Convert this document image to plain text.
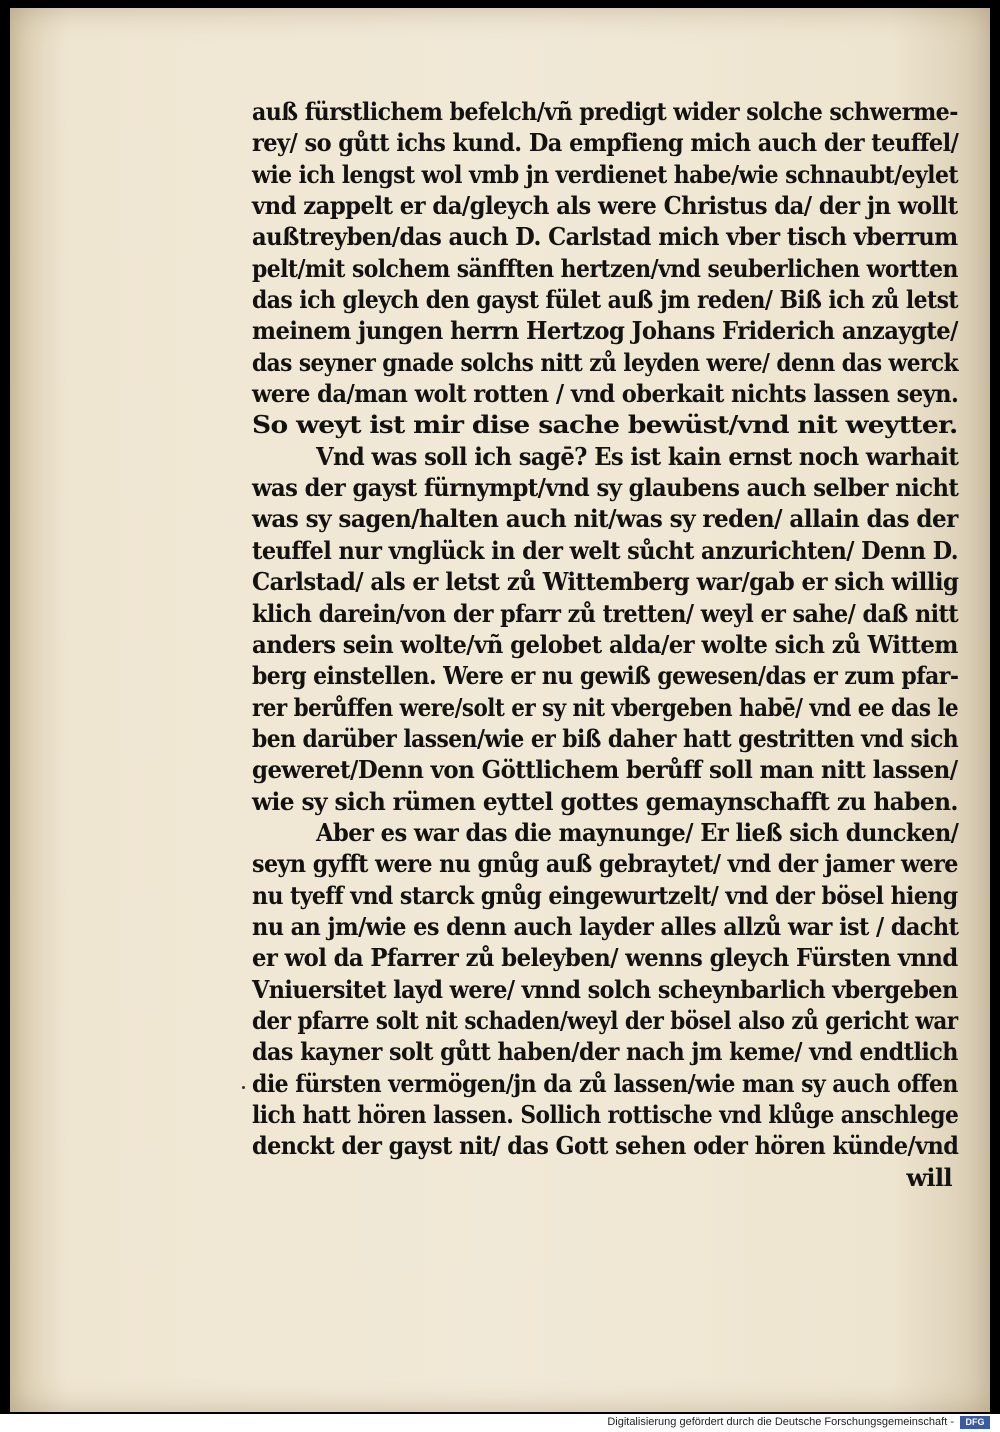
auß fürstlichem befelch/vñ predigt wider solche schwerme-
rey/ so gůtt ichs kund. Da empfieng mich auch der teuffel/
wie ich lengst wol vmb jn verdienet habe/wie schnaubt/eylet
vnd zappelt er da/gleych als were Christus da/ der jn wollt
außtreyben/das auch D. Carlstad mich vber tisch vberrum
pelt/mit solchem sänfften hertzen/vnd seuberlichen wortten
das ich gleych den gayst fület auß jm reden/ Biß ich zů letst
meinem jungen herrn Hertzog Johans Friderich anzaygte/
das seyner gnade solchs nitt zů leyden were/ denn das werck
were da/man wolt rotten / vnd oberkait nichts lassen seyn.
So weyt ist mir dise sache bewüst/vnd nit weytter.
Vnd was soll ich sagē? Es ist kain ernst noch warhait
was der gayst fürnympt/vnd sy glaubens auch selber nicht
was sy sagen/halten auch nit/was sy reden/ allain das der
teuffel nur vnglück in der welt sůcht anzurichten/ Denn D.
Carlstad/ als er letst zů Wittemberg war/gab er sich willig
klich darein/von der pfarr zů tretten/ weyl er sahe/ daß nitt
anders sein wolte/vñ gelobet alda/er wolte sich zů Wittem
berg einstellen. Were er nu gewiß gewesen/das er zum pfar-
rer berůffen were/solt er sy nit vbergeben habē/ vnd ee das le
ben darüber lassen/wie er biß daher hatt gestritten vnd sich
geweret/Denn von Göttlichem berůff soll man nitt lassen/
wie sy sich rümen eyttel gottes gemaynschafft zu haben.
Aber es war das die maynunge/ Er ließ sich duncken/
seyn gyfft were nu gnůg auß gebraytet/ vnd der jamer were
nu tyeff vnd starck gnůg eingewurtzelt/ vnd der bösel hieng
nu an jm/wie es denn auch layder alles allzů war ist / dacht
er wol da Pfarrer zů beleyben/ wenns gleych Fürsten vnnd
Vniuersitet layd were/ vnnd solch scheynbarlich vbergeben
der pfarre solt nit schaden/weyl der bösel also zů gericht war
das kayner solt gůtt haben/der nach jm keme/ vnd endtlich
die fürsten vermögen/jn da zů lassen/wie man sy auch offen
lich hatt hören lassen. Sollich rottische vnd klůge anschlege
denckt der gayst nit/ das Gott sehen oder hören künde/vnd
will
Digitalisierung gefördert durch die Deutsche Forschungsgemeinschaft -	DFG
